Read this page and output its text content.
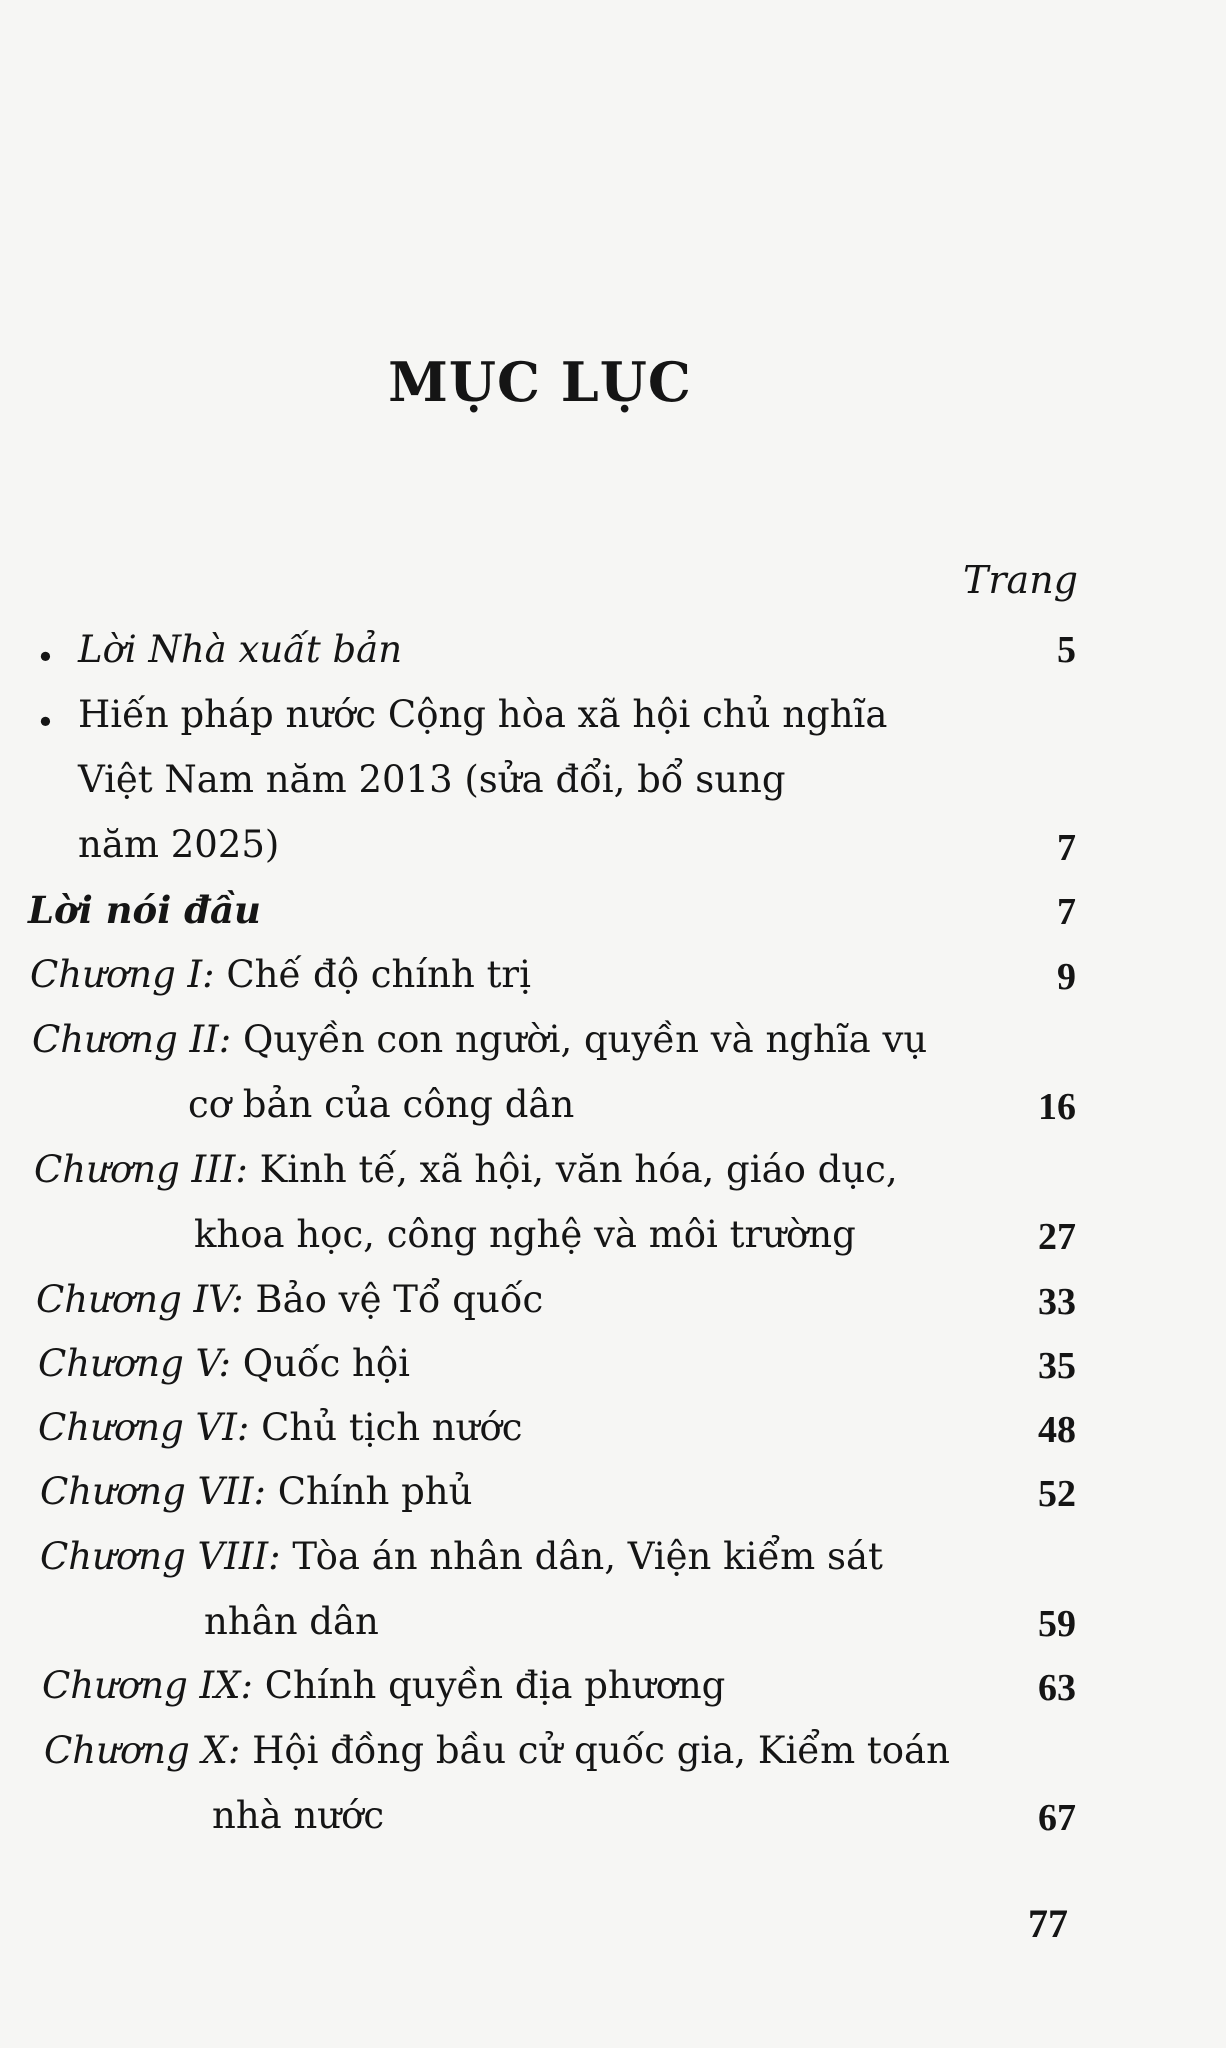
MỤC LỤC
Trang
• Lời Nhà xuất bản	5
• Hiến pháp nước Cộng hòa xã hội chủ nghĩa
Việt Nam năm 2013 (sửa đổi, bổ sung
năm 2025)	7
Lời nói đầu	7
Chương I: Chế độ chính trị	9
Chương II: Quyền con người, quyền và nghĩa vụ
cơ bản của công dân	16
Chương III: Kinh tế, xã hội, văn hóa, giáo dục,
khoa học, công nghệ và môi trường	27
Chương IV: Bảo vệ Tổ quốc	33
Chương V: Quốc hội	35
Chương VI: Chủ tịch nước	48
Chương VII: Chính phủ	52
Chương VIII: Tòa án nhân dân, Viện kiểm sát
nhân dân	59
Chương IX: Chính quyền địa phương	63
Chương X: Hội đồng bầu cử quốc gia, Kiểm toán
nhà nước	67
77
